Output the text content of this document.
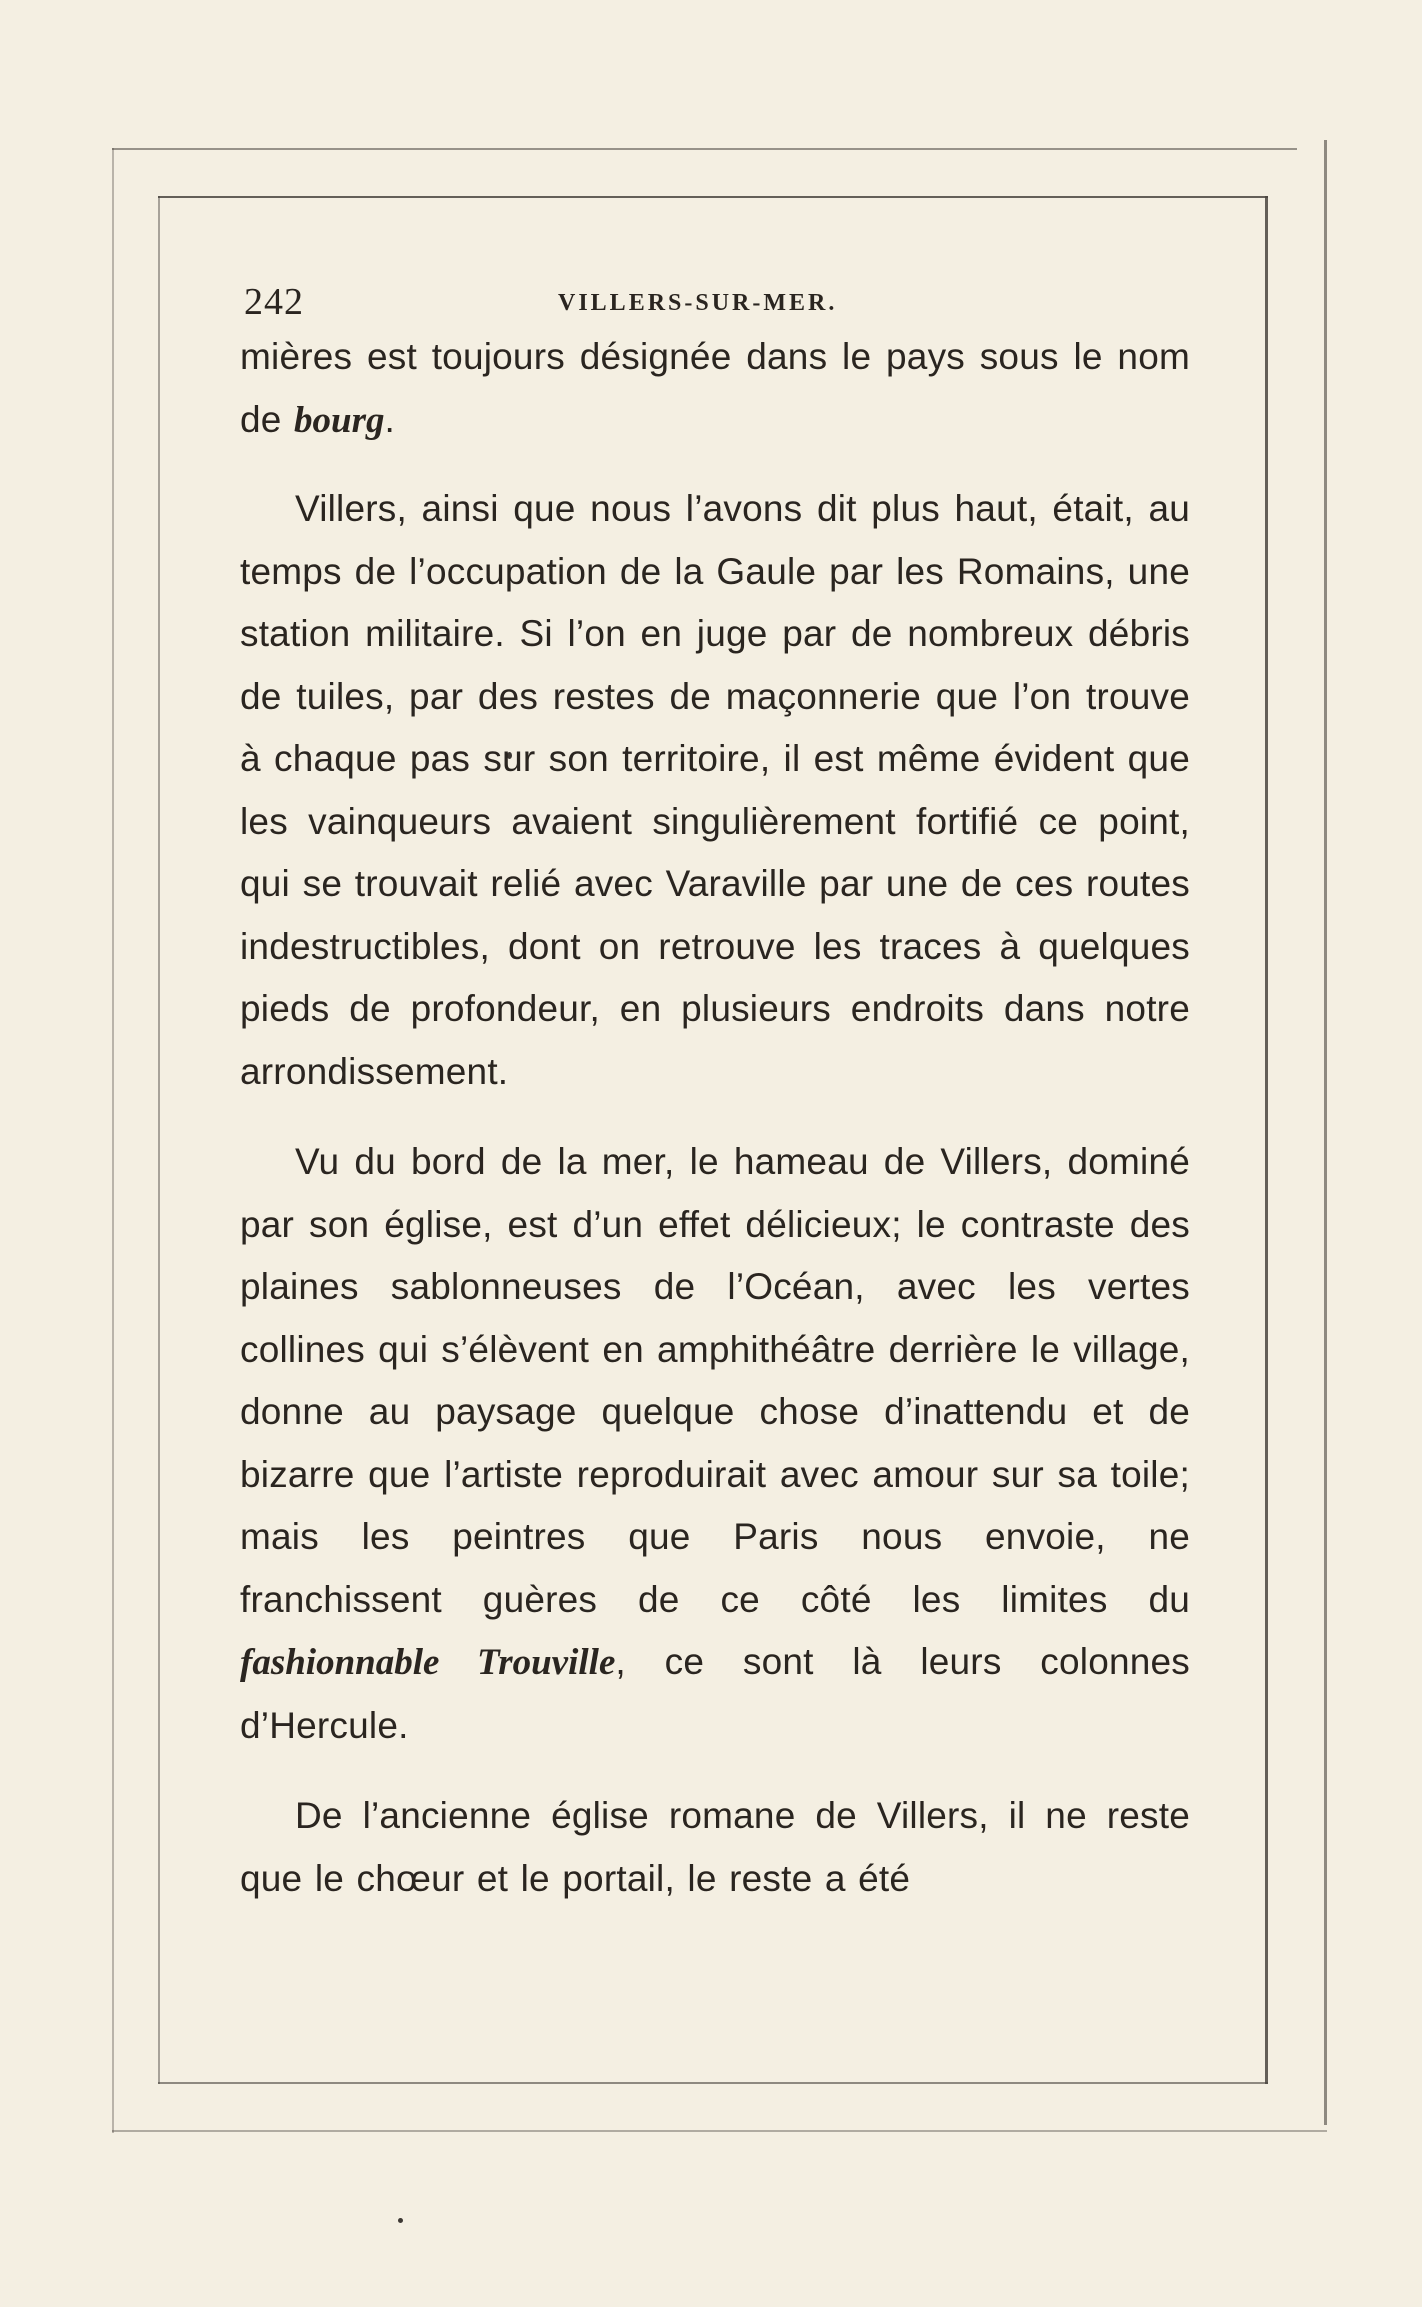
242	VILLERS-SUR-MER.

mières est toujours désignée dans le pays sous le nom de bourg.

Villers, ainsi que nous l’avons dit plus haut, était, au temps de l’occupation de la Gaule par les Romains, une station militaire. Si l’on en juge par de nombreux débris de tuiles, par des restes de maçonnerie que l’on trouve à chaque pas sur son territoire, il est même évident que les vainqueurs avaient singulièrement fortifié ce point, qui se trouvait relié avec Varaville par une de ces routes indestructibles, dont on retrouve les traces à quelques pieds de profondeur, en plusieurs endroits dans notre arrondissement.

Vu du bord de la mer, le hameau de Villers, dominé par son église, est d’un effet délicieux; le contraste des plaines sablonneuses de l’Océan, avec les vertes collines qui s’élèvent en amphithéâtre derrière le village, donne au paysage quelque chose d’inattendu et de bizarre que l’artiste reproduirait avec amour sur sa toile; mais les peintres que Paris nous envoie, ne franchissent guères de ce côté les limites du fashionnable Trouville, ce sont là leurs colonnes d’Hercule.

De l’ancienne église romane de Villers, il ne reste que le chœur et le portail, le reste a été
